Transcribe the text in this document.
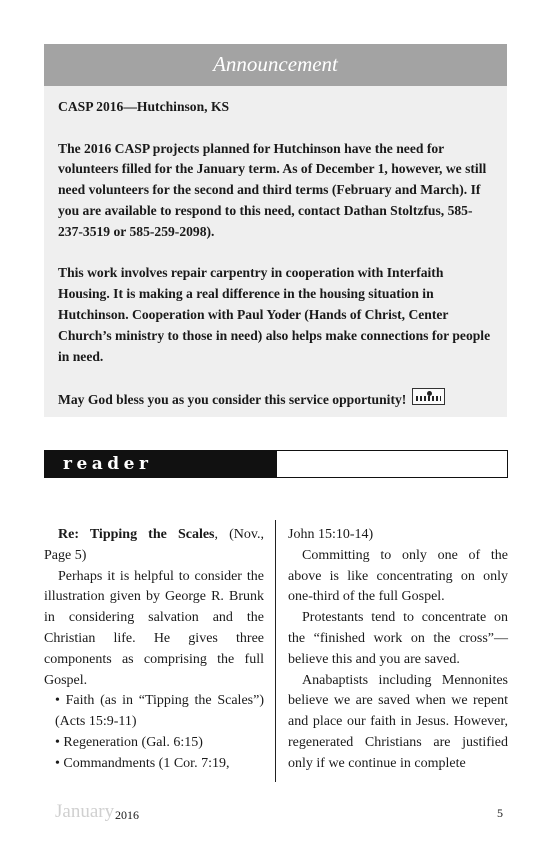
Announcement

CASP 2016—Hutchinson, KS

The 2016 CASP projects planned for Hutchinson have the need for volunteers filled for the January term. As of December 1, however, we still need volunteers for the second and third terms (February and March). If you are available to respond to this need, contact Dathan Stoltzfus, 585-237-3519 or 585-259-2098).

This work involves repair carpentry in cooperation with Interfaith Housing. It is making a real difference in the housing situation in Hutchinson. Cooperation with Paul Yoder (Hands of Christ, Center Church’s ministry to those in need) also helps make connections for people in need.

May God bless you as you consider this service opportunity!

reader response

Re: Tipping the Scales, (Nov., Page 5)

Perhaps it is helpful to consider the illustration given by George R. Brunk in considering salvation and the Christian life. He gives three components as comprising the full Gospel.

• Faith (as in “Tipping the Scales”) (Acts 15:9-11)

• Regeneration (Gal. 6:15)

• Commandments (1 Cor. 7:19,

John 15:10-14)

Committing to only one of the above is like concentrating on only one-third of the full Gospel.

Protestants tend to concentrate on the “finished work on the cross”—believe this and you are saved.

Anabaptists including Mennonites believe we are saved when we repent and place our faith in Jesus. However, regenerated Christians are justified only if we continue in complete

January 2016	5
